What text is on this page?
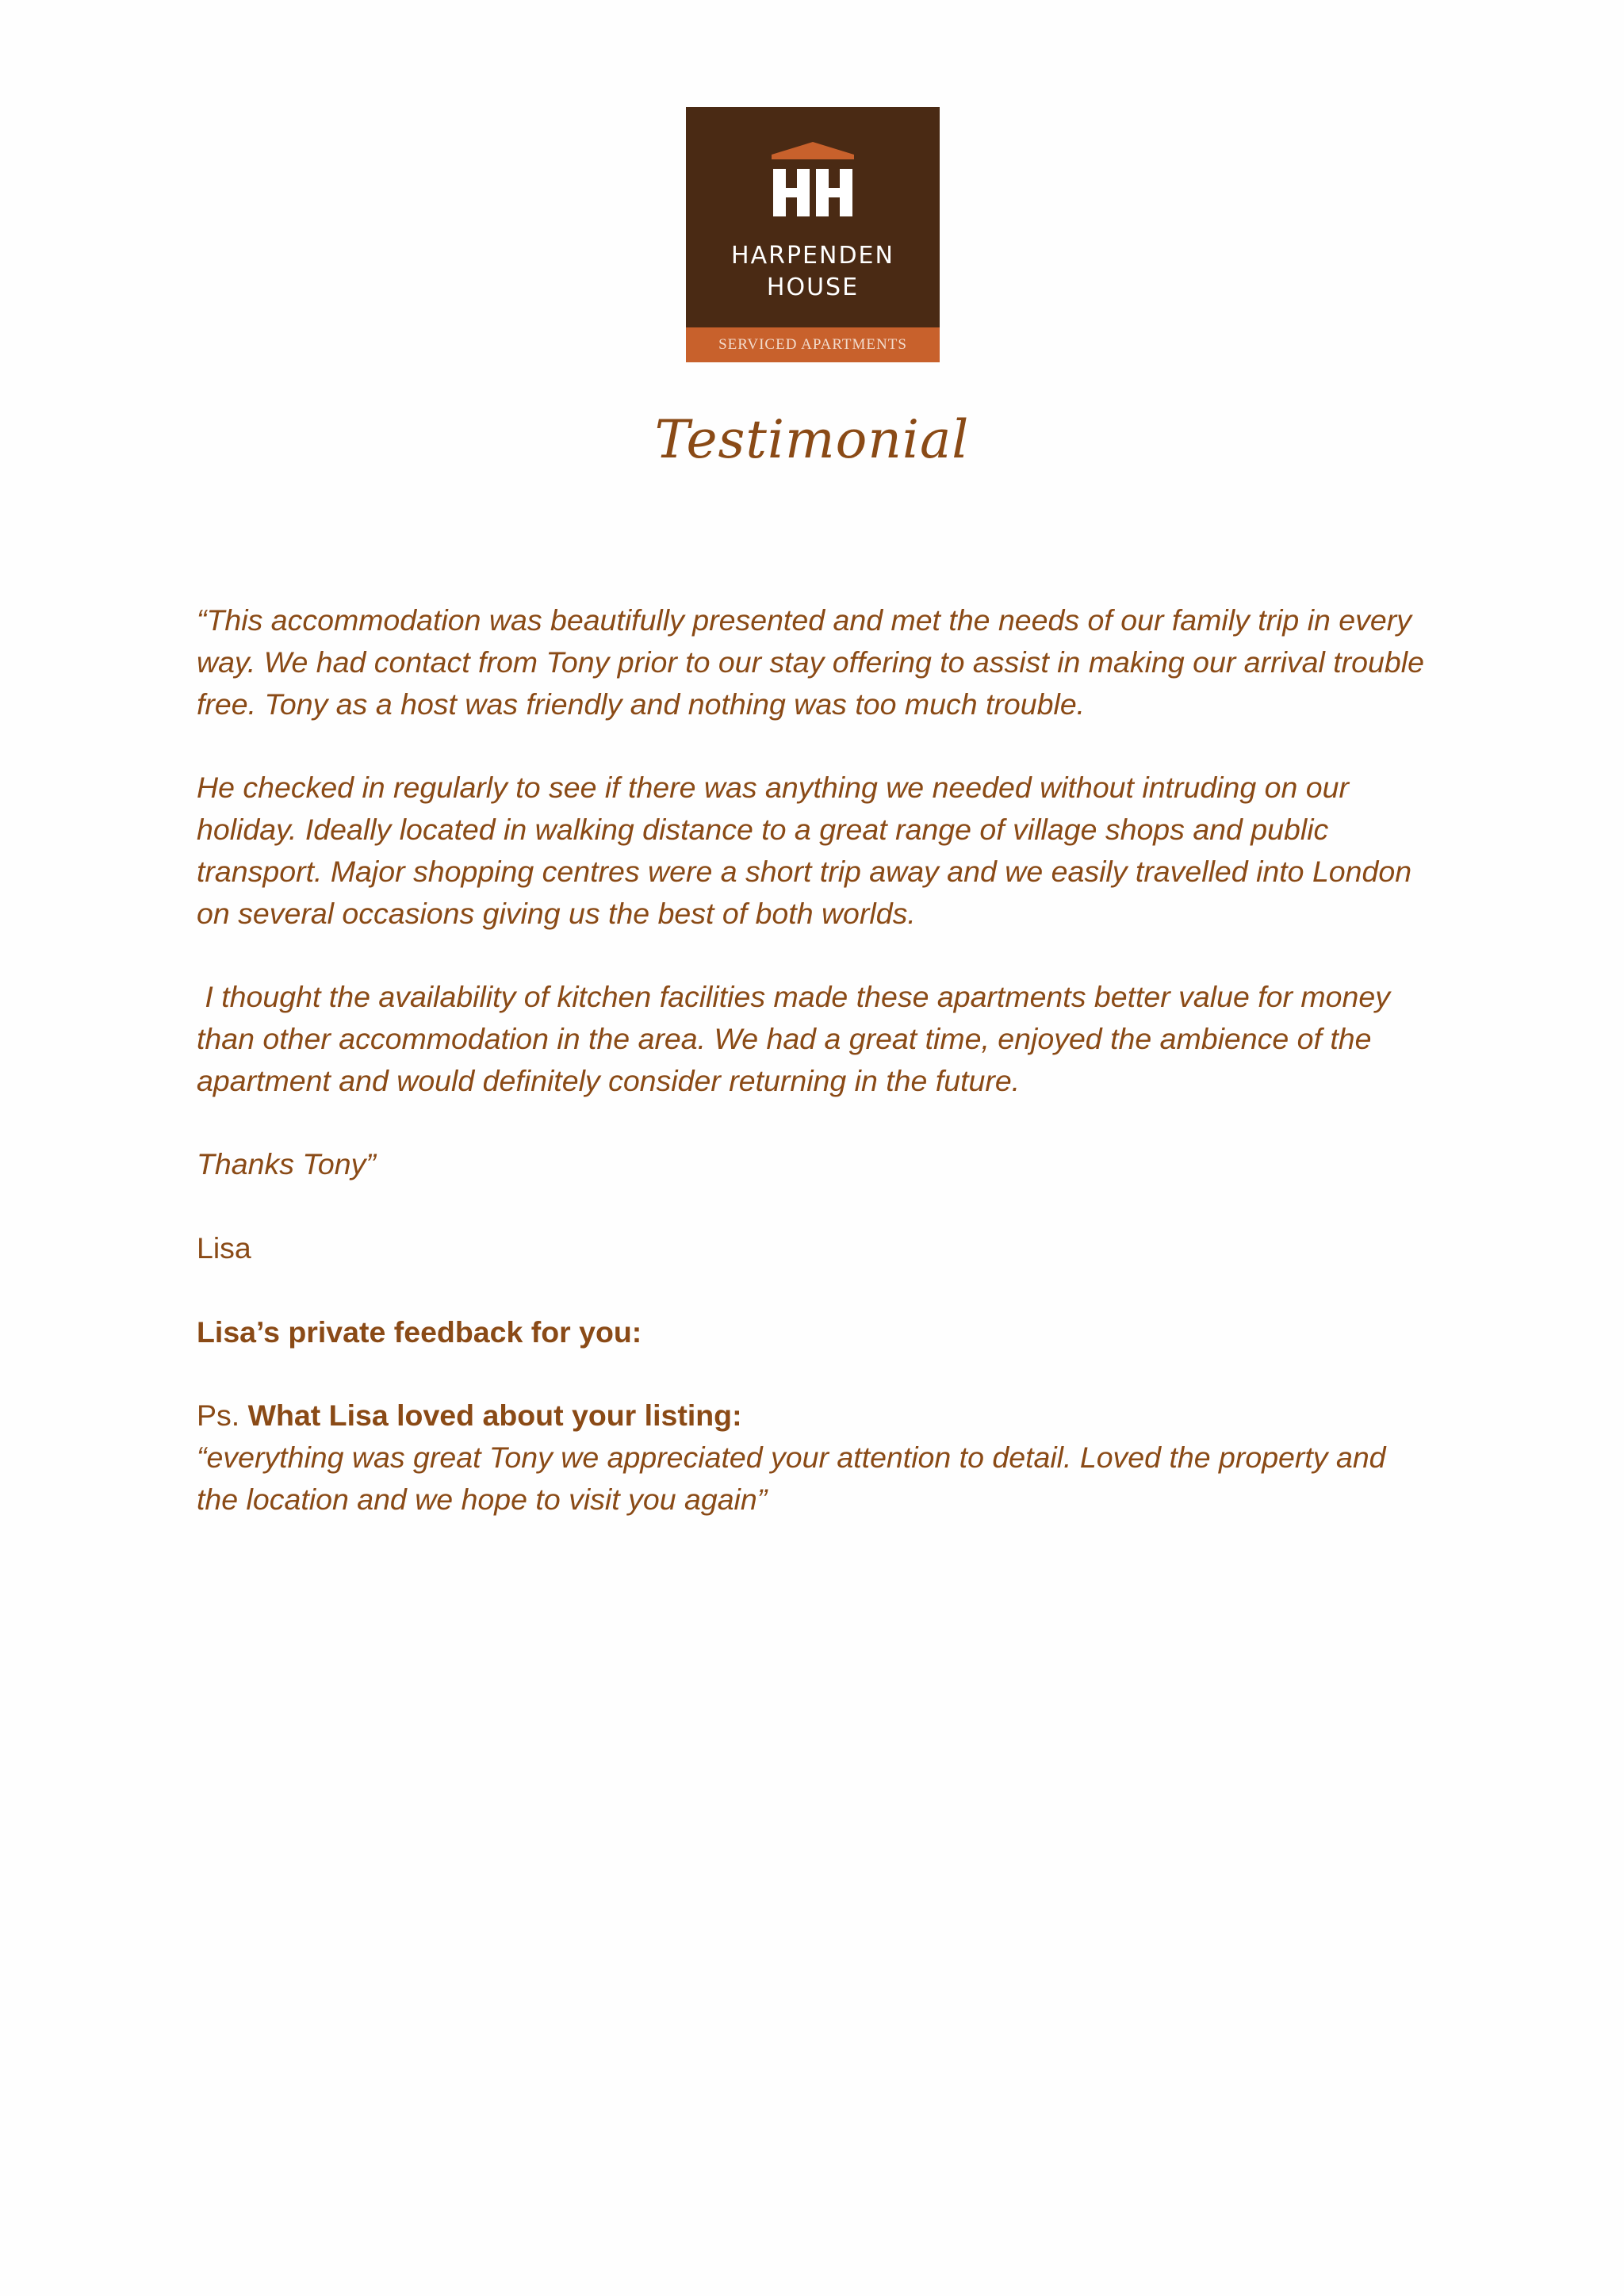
HARPENDEN
HOUSE
SERVICED APARTMENTS
Testimonial

“This accommodation was beautifully presented and met the needs of our family trip in every way. We had contact from Tony prior to our stay offering to assist in making our arrival trouble free. Tony as a host was friendly and nothing was too much trouble.

He checked in regularly to see if there was anything we needed without intruding on our holiday. Ideally located in walking distance to a great range of village shops and public transport. Major shopping centres were a short trip away and we easily travelled into London on several occasions giving us the best of both worlds.

I thought the availability of kitchen facilities made these apartments better value for money than other accommodation in the area. We had a great time, enjoyed the ambience of the apartment and would definitely consider returning in the future.

Thanks Tony”

Lisa

Lisa’s private feedback for you:

Ps. What Lisa loved about your listing:

“everything was great Tony we appreciated your attention to detail. Loved the property and the location and we hope to visit you again”
